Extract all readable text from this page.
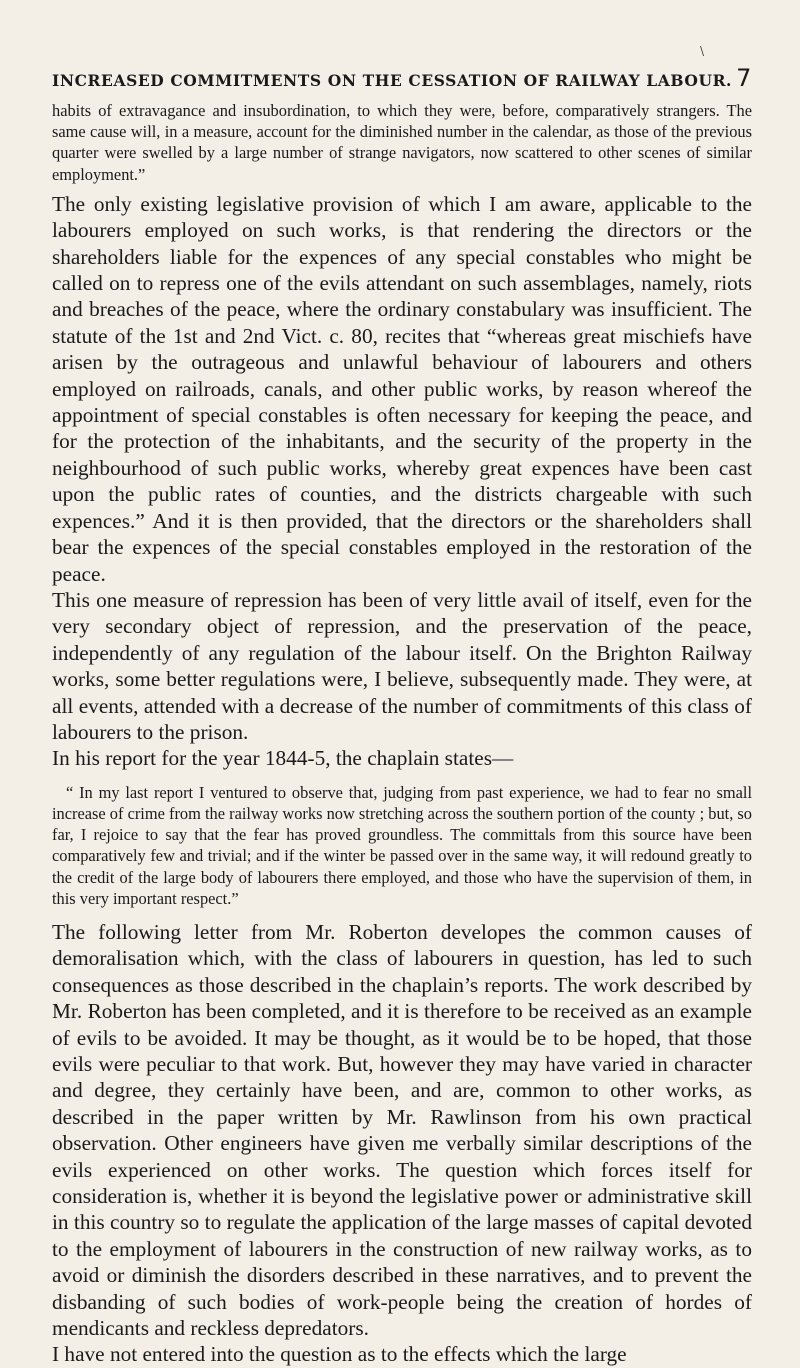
\
INCREASED COMMITMENTS ON THE CESSATION OF RAILWAY LABOUR. 7

habits of extravagance and insubordination, to which they were, before, comparatively strangers. The same cause will, in a measure, account for the diminished number in the calendar, as those of the previous quarter were swelled by a large number of strange navigators, now scattered to other scenes of similar employment.”

The only existing legislative provision of which I am aware, applicable to the labourers employed on such works, is that rendering the directors or the shareholders liable for the expences of any special constables who might be called on to repress one of the evils attendant on such assemblages, namely, riots and breaches of the peace, where the ordinary constabulary was insufficient. The statute of the 1st and 2nd Vict. c. 80, recites that “whereas great mischiefs have arisen by the outrageous and unlawful behaviour of labourers and others employed on railroads, canals, and other public works, by reason whereof the appointment of special constables is often necessary for keeping the peace, and for the protection of the inhabitants, and the security of the property in the neighbourhood of such public works, whereby great expences have been cast upon the public rates of counties, and the districts chargeable with such expences.” And it is then provided, that the directors or the shareholders shall bear the expences of the special constables employed in the restoration of the peace.

This one measure of repression has been of very little avail of itself, even for the very secondary object of repression, and the preservation of the peace, independently of any regulation of the labour itself. On the Brighton Railway works, some better regulations were, I believe, subsequently made. They were, at all events, attended with a decrease of the number of commitments of this class of labourers to the prison.

In his report for the year 1844-5, the chaplain states—

“ In my last report I ventured to observe that, judging from past experience, we had to fear no small increase of crime from the railway works now stretching across the southern portion of the county ; but, so far, I rejoice to say that the fear has proved groundless. The committals from this source have been comparatively few and trivial; and if the winter be passed over in the same way, it will redound greatly to the credit of the large body of labourers there employed, and those who have the supervision of them, in this very important respect.”

The following letter from Mr. Roberton developes the common causes of demoralisation which, with the class of labourers in question, has led to such consequences as those described in the chaplain’s reports. The work described by Mr. Roberton has been completed, and it is therefore to be received as an example of evils to be avoided. It may be thought, as it would be to be hoped, that those evils were peculiar to that work. But, however they may have varied in character and degree, they certainly have been, and are, common to other works, as described in the paper written by Mr. Rawlinson from his own practical observation. Other engineers have given me verbally similar descriptions of the evils experienced on other works. The question which forces itself for consideration is, whether it is beyond the legislative power or administrative skill in this country so to regulate the application of the large masses of capital devoted to the employment of labourers in the construction of new railway works, as to avoid or diminish the disorders described in these narratives, and to prevent the disbanding of such bodies of work-people being the creation of hordes of mendicants and reckless depredators.

I have not entered into the question as to the effects which the large
